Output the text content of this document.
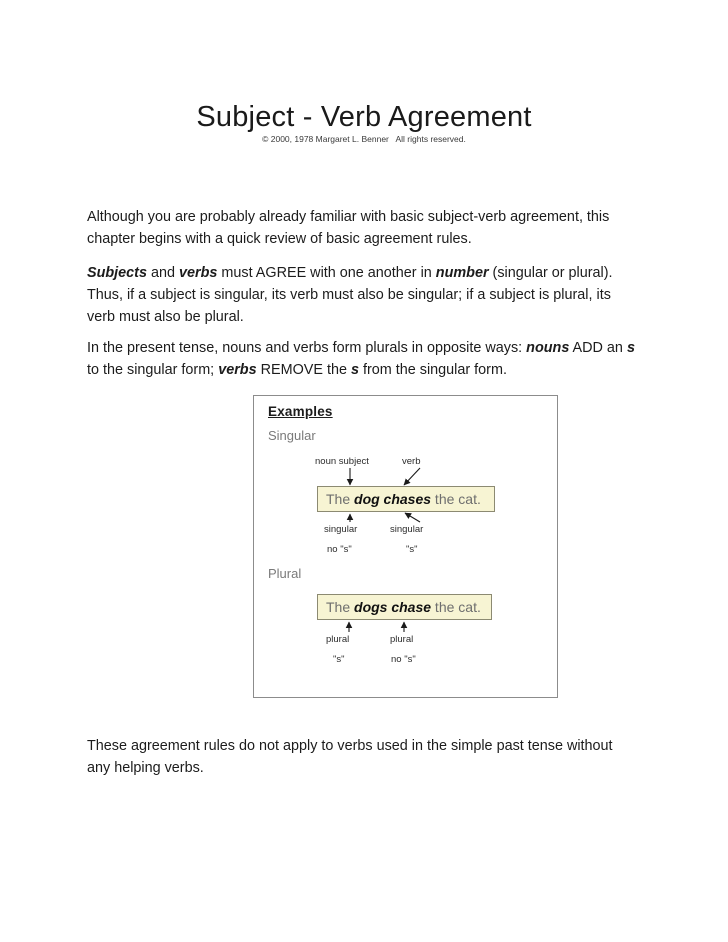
Subject - Verb Agreement
© 2000, 1978 Margaret L. Benner   All rights reserved.

Although you are probably already familiar with basic subject-verb agreement, this chapter begins with a quick review of basic agreement rules.

Subjects and verbs must AGREE with one another in number (singular or plural). Thus, if a subject is singular, its verb must also be singular; if a subject is plural, its verb must also be plural.

In the present tense, nouns and verbs form plurals in opposite ways: nouns ADD an s to the singular form; verbs REMOVE the s from the singular form.

Examples
Singular
Plural
noun subject	verb
singular
no "s"
singular
"s"
plural
"s"
plural
no "s"
The dog chases the cat.
The dogs chase the cat.

These agreement rules do not apply to verbs used in the simple past tense without any helping verbs.
